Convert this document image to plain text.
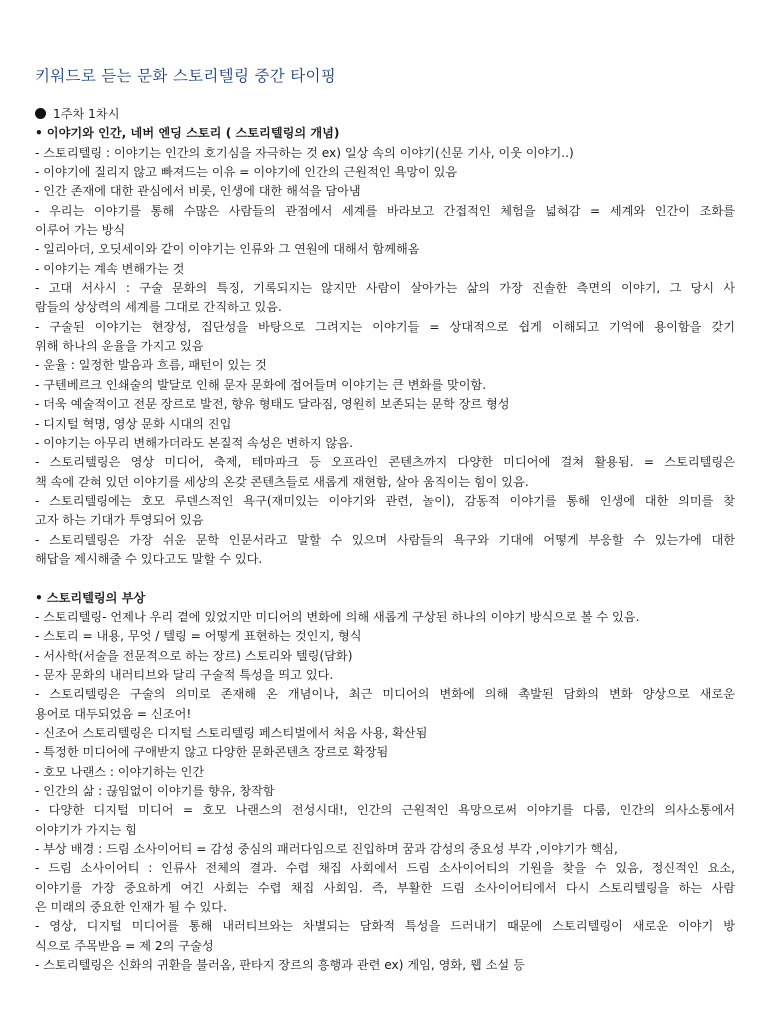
키워드로 듣는 문화 스토리텔링 중간 타이핑
1주차 1차시
• 이야기와 인간, 네버 엔딩 스토리 ( 스토리텔링의 개념)
- 스토리텔링 : 이야기는 인간의 호기심을 자극하는 것 ex) 일상 속의 이야기(신문 기사, 이웃 이야기..)
- 이야기에 질리지 않고 빠져드는 이유 = 이야기에 인간의 근원적인 욕망이 있음
- 인간 존재에 대한 관심에서 비롯, 인생에 대한 해석을 담아냄
- 우리는 이야기를 통해 수많은 사람들의 관점에서 세계를 바라보고 간접적인 체험을 넓혀감 = 세계와 인간이 조화를
이루어 가는 방식
- 일리아더, 오딧세이와 같이 이야기는 인류와 그 연원에 대해서 함께해옴
- 이야기는 계속 변해가는 것
- 고대 서사시 : 구술 문화의 특징, 기록되지는 않지만 사람이 살아가는 삶의 가장 진솔한 측면의 이야기, 그 당시 사
람들의 상상력의 세계를 그대로 간직하고 있음.
- 구술된 이야기는 현장성, 집단성을 바탕으로 그려지는 이야기들 = 상대적으로 쉽게 이해되고 기억에 용이함을 갖기
위해 하나의 운율을 가지고 있음
- 운율 : 일정한 발음과 흐름, 패턴이 있는 것
- 구텐베르크 인쇄술의 발달로 인해 문자 문화에 접어들며 이야기는 큰 변화를 맞이함.
- 더욱 예술적이고 전문 장르로 발전, 향유 형태도 달라짐, 영원히 보존되는 문학 장르 형성
- 디지털 혁명, 영상 문화 시대의 진입
- 이야기는 아무리 변해가더라도 본질적 속성은 변하지 않음.
- 스토리텔링은 영상 미디어, 축제, 테마파크 등 오프라인 콘텐츠까지 다양한 미디어에 걸쳐 활용됨. = 스토리텔링은
책 속에 갇혀 있던 이야기를 세상의 온갖 콘텐츠들로 새롭게 재현함, 살아 움직이는 힘이 있음.
- 스토리텔링에는 호모 루덴스적인 욕구(재미있는 이야기와 관련, 놀이), 감동적 이야기를 통해 인생에 대한 의미를 찾
고자 하는 기대가 투영되어 있음
- 스토리텔링은 가장 쉬운 문학 인문서라고 말할 수 있으며 사람들의 욕구와 기대에 어떻게 부응할 수 있는가에 대한
해답을 제시해줄 수 있다고도 말할 수 있다.
• 스토리텔링의 부상
- 스토리텔링- 언제나 우리 곁에 있었지만 미디어의 변화에 의해 새롭게 구상된 하나의 이야기 방식으로 볼 수 있음.
- 스토리 = 내용, 무엇 / 텔링 = 어떻게 표현하는 것인지, 형식
- 서사학(서술을 전문적으로 하는 장르) 스토리와 텔링(담화)
- 문자 문화의 내러티브와 달리 구술적 특성을 띄고 있다.
- 스토리텔링은 구술의 의미로 존재해 온 개념이나, 최근 미디어의 변화에 의해 촉발된 담화의 변화 양상으로 새로운
용어로 대두되었음 = 신조어!
- 신조어 스토리텔링은 디지털 스토리텔링 페스티벌에서 처음 사용, 확산됨
- 특정한 미디어에 구애받지 않고 다양한 문화콘텐츠 장르로 확장됨
- 호모 나랜스 : 이야기하는 인간
- 인간의 삶 : 끊임없이 이야기를 향유, 창작함
- 다양한 디지털 미디어 = 호모 나랜스의 전성시대!, 인간의 근원적인 욕망으로써 이야기를 다룸, 인간의 의사소통에서
이야기가 가지는 힘
- 부상 배경 : 드림 소사이어티 = 감성 중심의 패러다임으로 진입하며 꿈과 감성의 중요성 부각 ,이야기가 핵심,
- 드림 소사이어티 : 인류사 전체의 결과. 수렵 채집 사회에서 드림 소사이어티의 기원을 찾을 수 있음, 정신적인 요소,
이야기를 가장 중요하게 여긴 사회는 수렵 채집 사회임. 즉, 부활한 드림 소사이어티에서 다시 스토리텔링을 하는 사람
은 미래의 중요한 인재가 될 수 있다.
- 영상, 디지털 미디어를 통해 내러티브와는 차별되는 담화적 특성을 드러내기 때문에 스토리텔링이 새로운 이야기 방
식으로 주목받음 = 제 2의 구술성
- 스토리텔링은 신화의 귀환을 불러옴, 판타지 장르의 흥행과 관련 ex) 게임, 영화, 웹 소설 등
